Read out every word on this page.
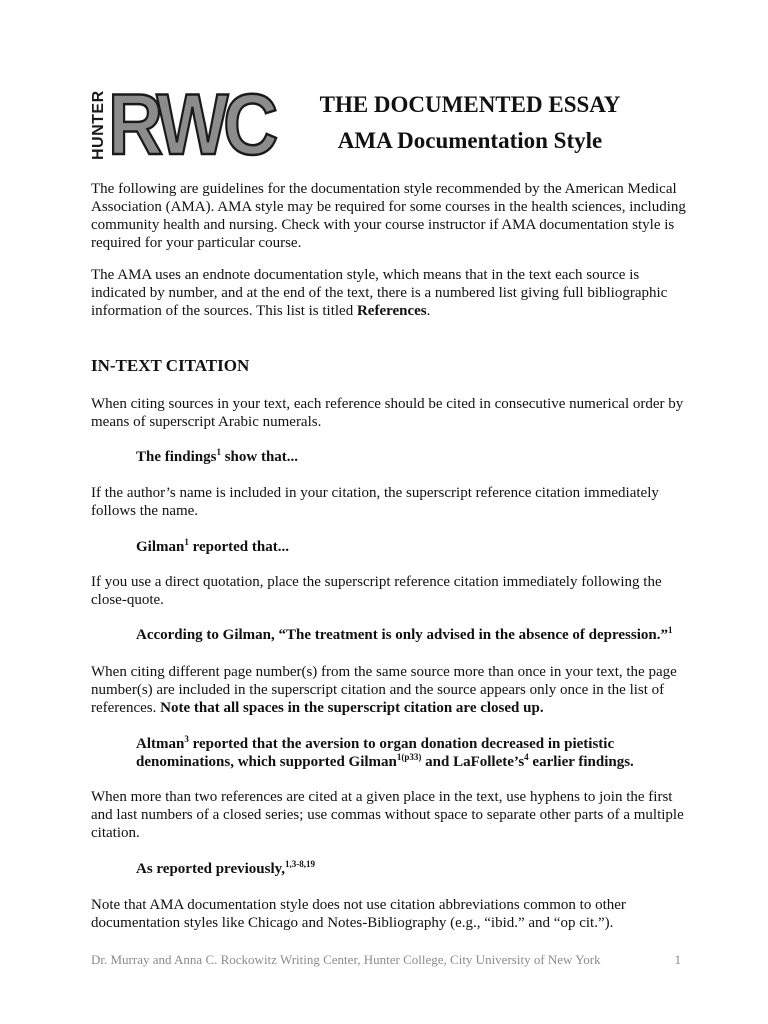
HUNTER RWC	THE DOCUMENTED ESSAY
AMA Documentation Style

The following are guidelines for the documentation style recommended by the American Medical Association (AMA). AMA style may be required for some courses in the health sciences, including community health and nursing. Check with your course instructor if AMA documentation style is required for your particular course.

The AMA uses an endnote documentation style, which means that in the text each source is indicated by number, and at the end of the text, there is a numbered list giving full bibliographic information of the sources. This list is titled References.

IN-TEXT CITATION

When citing sources in your text, each reference should be cited in consecutive numerical order by means of superscript Arabic numerals.

The findings$^1$ show that...

If the author’s name is included in your citation, the superscript reference citation immediately follows the name.

Gilman$^1$ reported that...

If you use a direct quotation, place the superscript reference citation immediately following the close-quote.

According to Gilman, “The treatment is only advised in the absence of depression.”$^1$

When citing different page number(s) from the same source more than once in your text, the page number(s) are included in the superscript citation and the source appears only once in the list of references. Note that all spaces in the superscript citation are closed up.

Altman$^3$ reported that the aversion to organ donation decreased in pietistic denominations, which supported Gilman$^{1(p33)}$ and $LaFollete’s^4$ earlier findings.

When more than two references are cited at a given place in the text, use hyphens to join the first and last numbers of a closed series; use commas without space to separate other parts of a multiple citation.

As reported previously,$^{1,3-8,19}$

Note that AMA documentation style does not use citation abbreviations common to other documentation styles like Chicago and Notes-Bibliography (e.g., “ibid.” and “op cit.”).

Dr. Murray and Anna C. Rockowitz Writing Center, Hunter College, City University of New York	1
